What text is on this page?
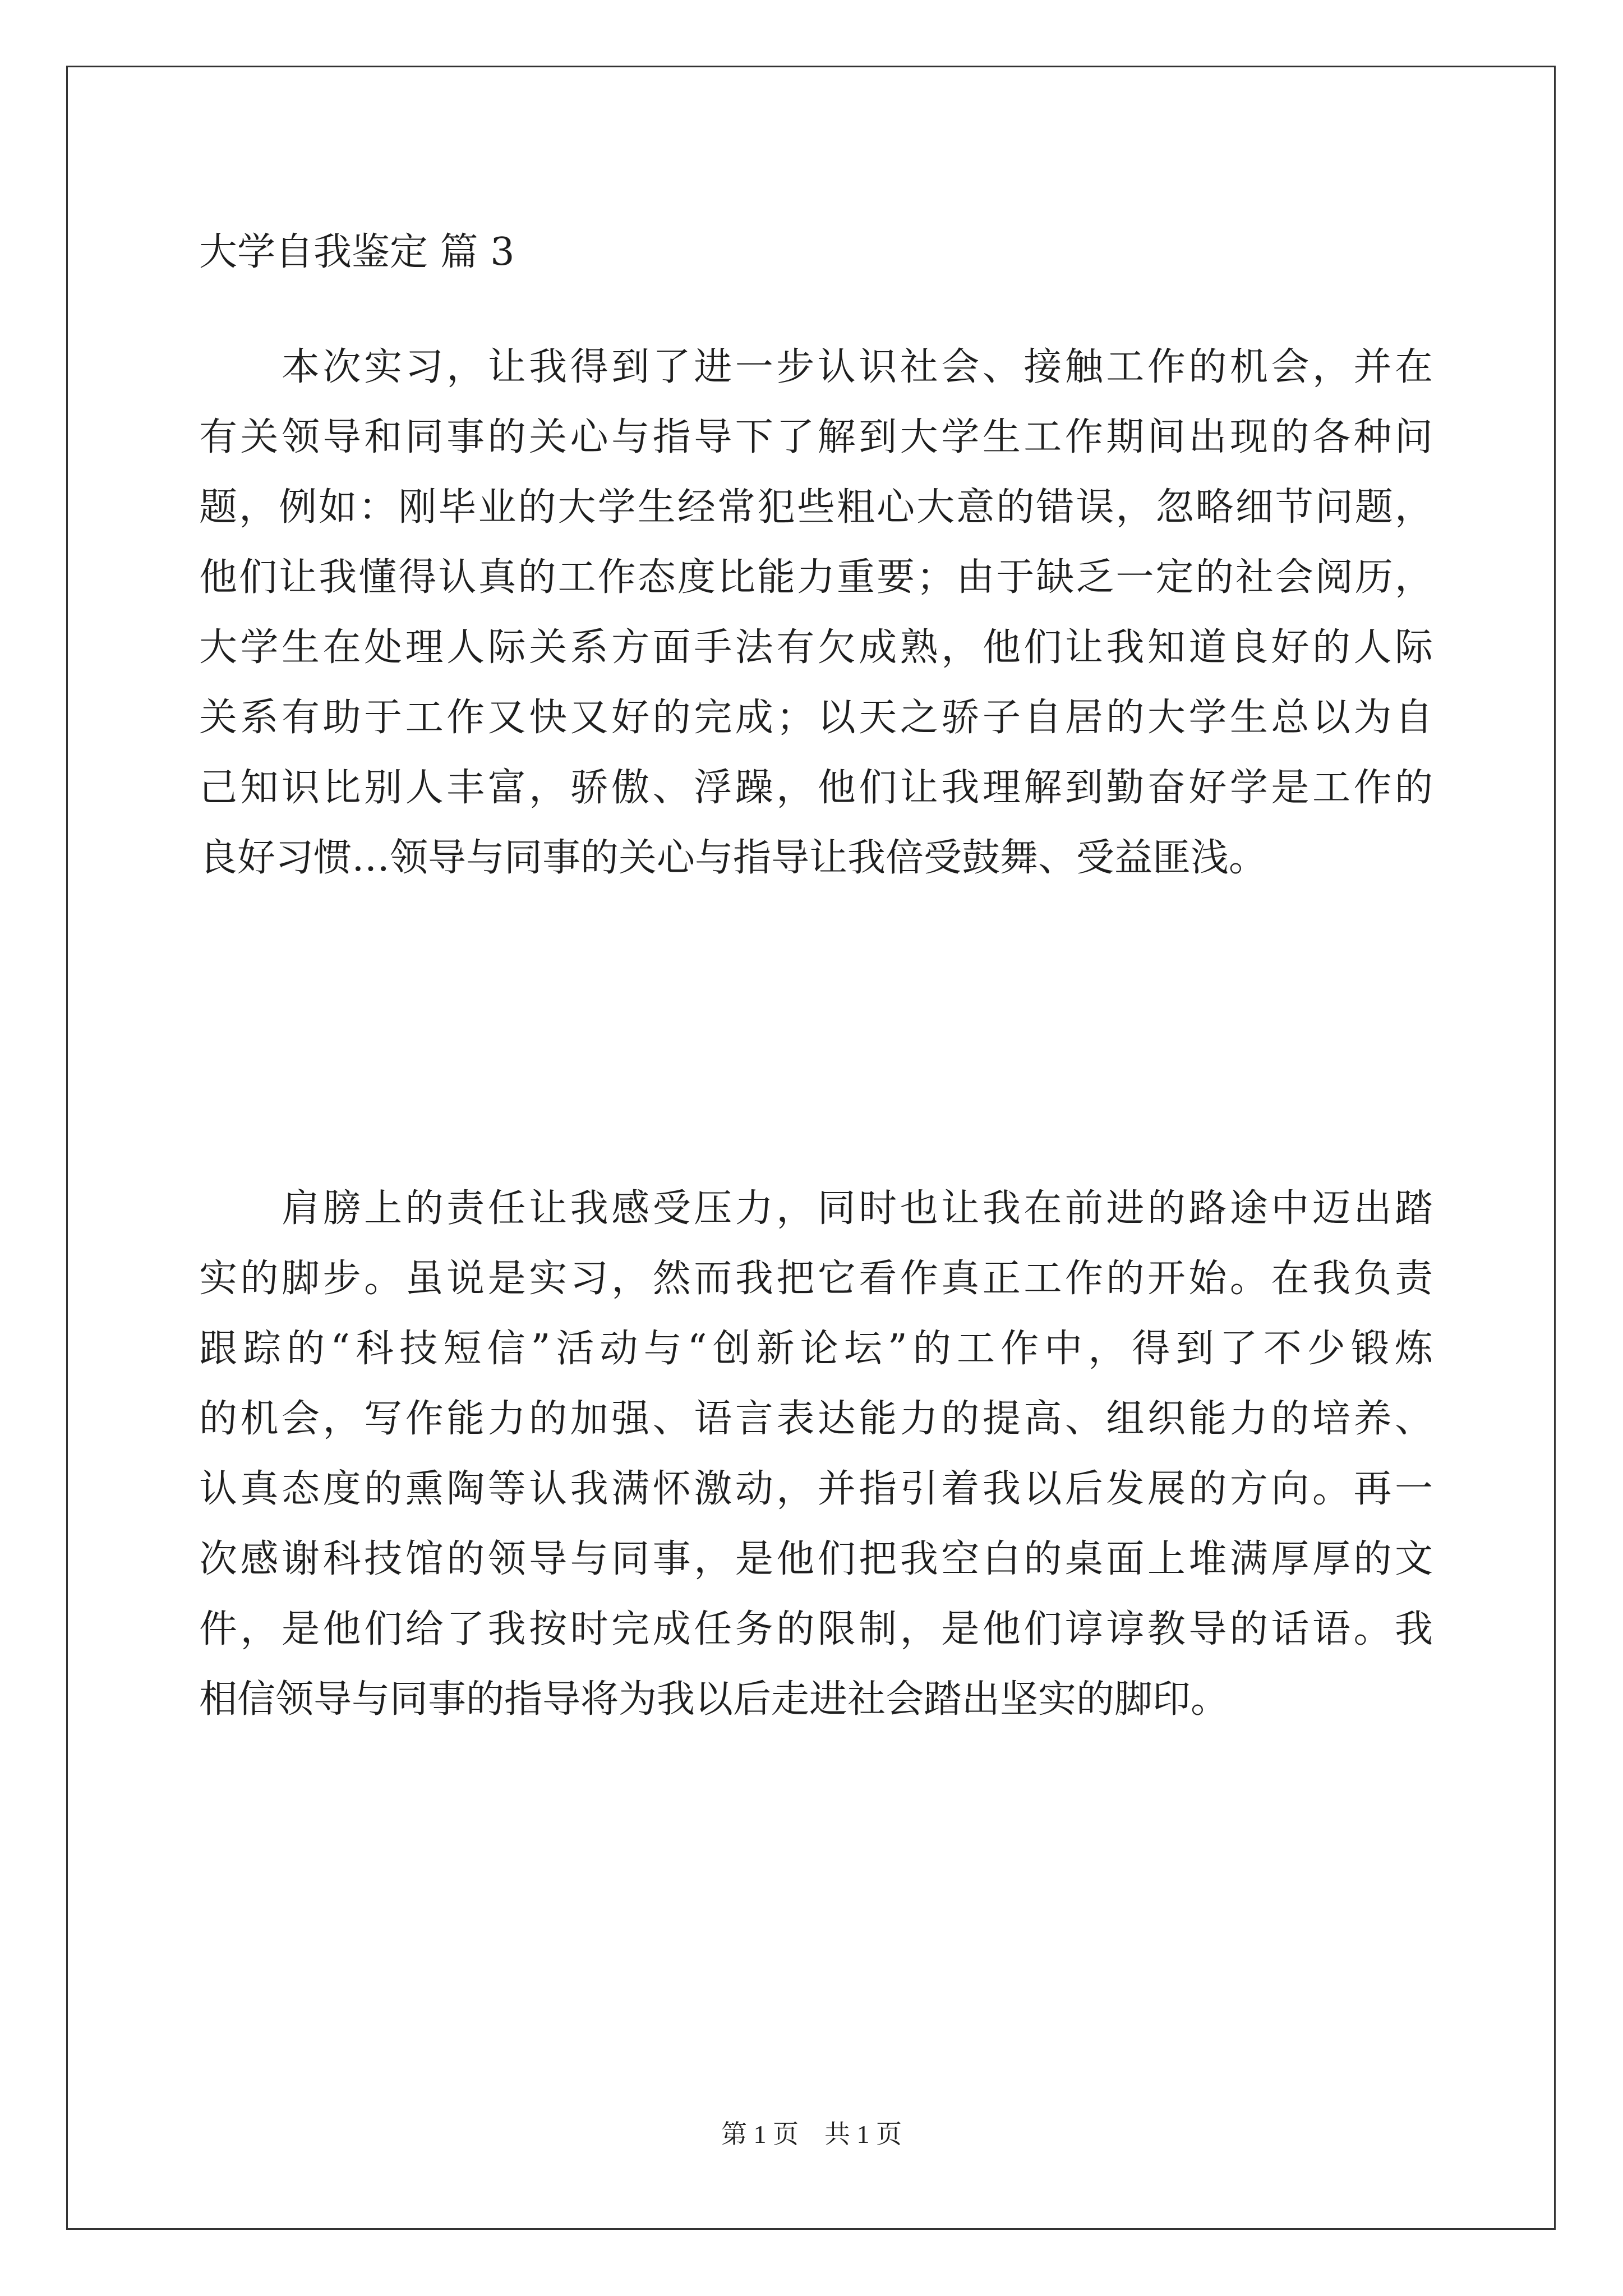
大学自我鉴定 篇 3
　　本次实习，让我得到了进一步认识社会、接触工作的机会，并在
有关领导和同事的关心与指导下了解到大学生工作期间出现的各种问
题，例如：刚毕业的大学生经常犯些粗心大意的错误，忽略细节问题，
他们让我懂得认真的工作态度比能力重要；由于缺乏一定的社会阅历，
大学生在处理人际关系方面手法有欠成熟，他们让我知道良好的人际
关系有助于工作又快又好的完成；以天之骄子自居的大学生总以为自
己知识比别人丰富，骄傲、浮躁，他们让我理解到勤奋好学是工作的
良好习惯…领导与同事的关心与指导让我倍受鼓舞、受益匪浅。
　　肩膀上的责任让我感受压力，同时也让我在前进的路途中迈出踏
实的脚步。虽说是实习，然而我把它看作真正工作的开始。在我负责
跟踪的“科技短信”活动与“创新论坛”的工作中，得到了不少锻炼
的机会，写作能力的加强、语言表达能力的提高、组织能力的培养、
认真态度的熏陶等认我满怀激动，并指引着我以后发展的方向。再一
次感谢科技馆的领导与同事，是他们把我空白的桌面上堆满厚厚的文
件，是他们给了我按时完成任务的限制，是他们谆谆教导的话语。我
相信领导与同事的指导将为我以后走进社会踏出坚实的脚印。
第 1 页　共 1 页
